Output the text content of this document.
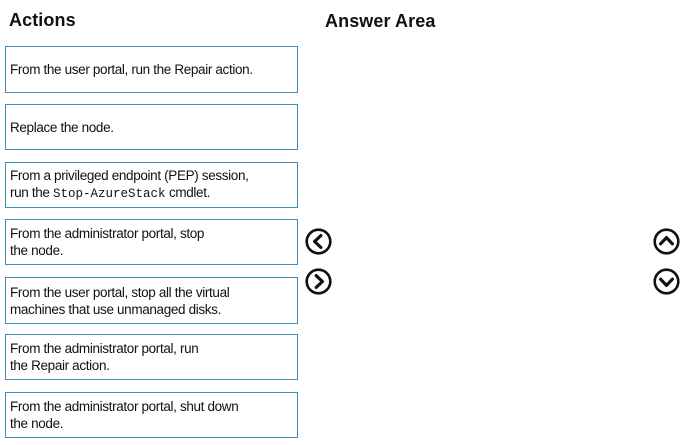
Actions	Answer Area
From the user portal, run the Repair action.
Replace the node.
From a privileged endpoint (PEP) session,
run the Stop-AzureStack cmdlet.
From the administrator portal, stop
the node.
From the user portal, stop all the virtual
machines that use unmanaged disks.
From the administrator portal, run
the Repair action.
From the administrator portal, shut down
the node.
